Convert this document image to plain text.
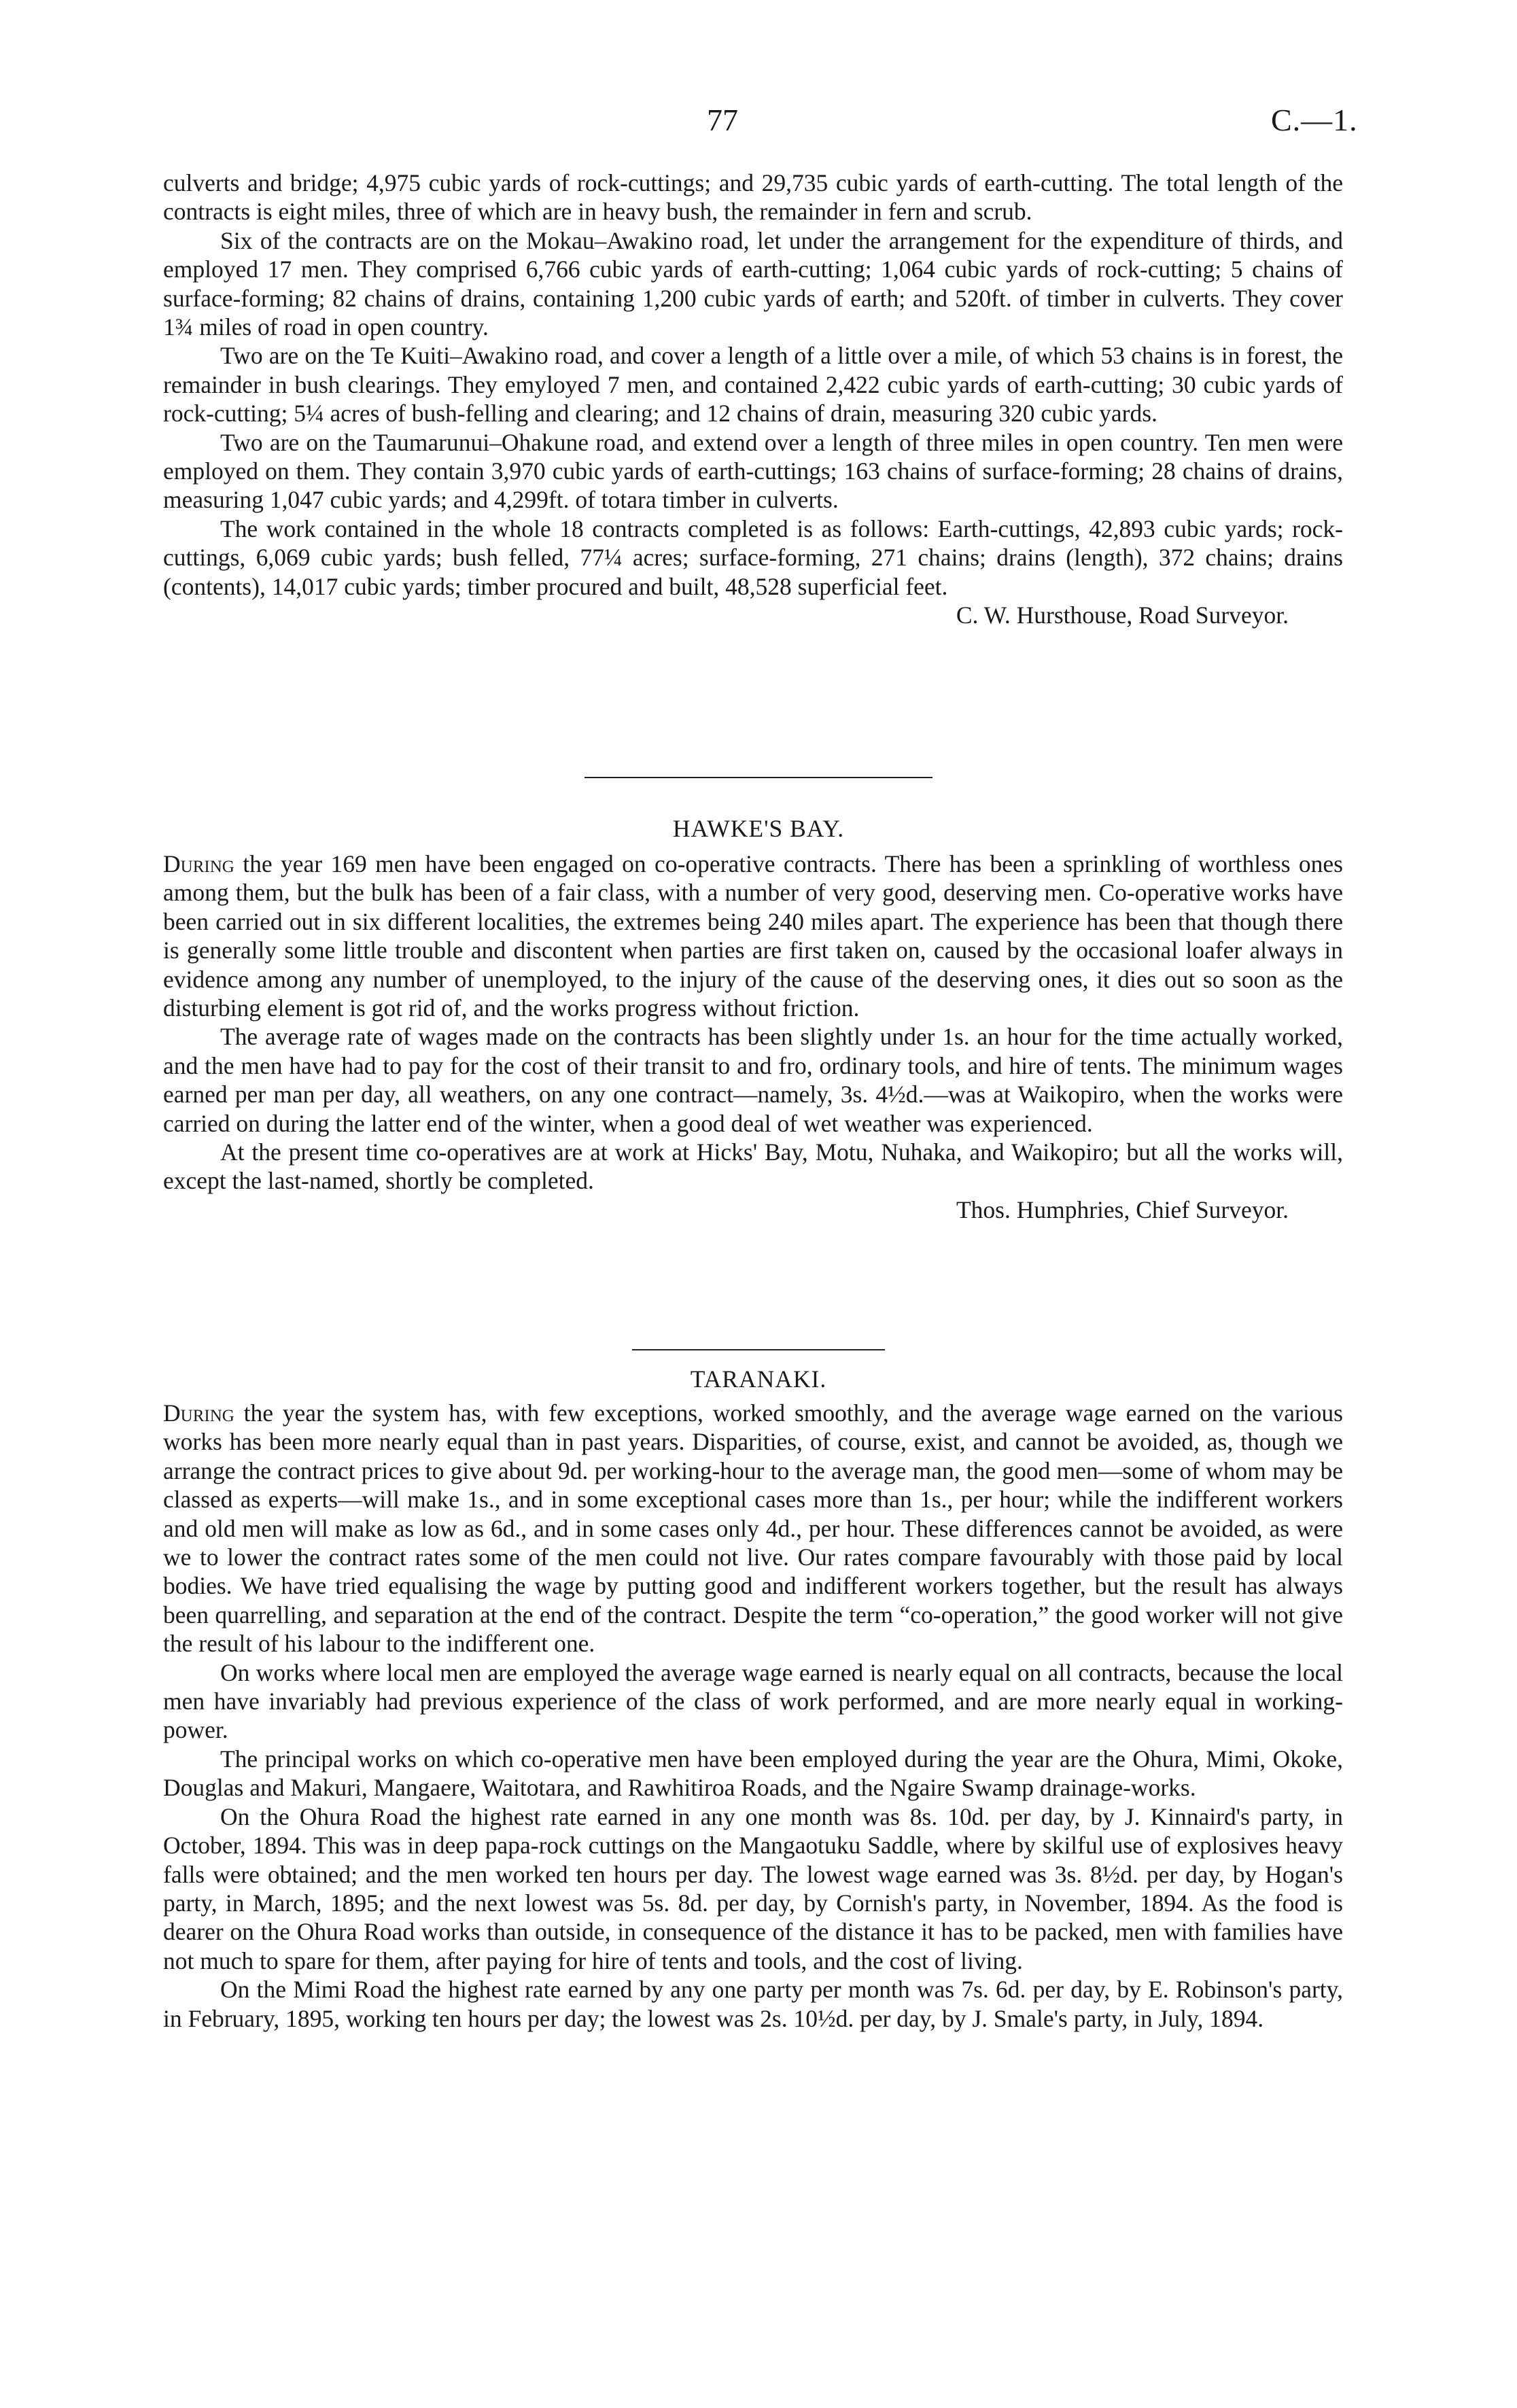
77	C.—1.

culverts and bridge; 4,975 cubic yards of rock-cuttings; and 29,735 cubic yards of earth-cutting. The total length of the contracts is eight miles, three of which are in heavy bush, the remainder in fern and scrub.

Six of the contracts are on the Mokau–Awakino road, let under the arrangement for the expenditure of thirds, and employed 17 men. They comprised 6,766 cubic yards of earth-cutting; 1,064 cubic yards of rock-cutting; 5 chains of surface-forming; 82 chains of drains, containing 1,200 cubic yards of earth; and 520ft. of timber in culverts. They cover 1¾ miles of road in open country.

Two are on the Te Kuiti–Awakino road, and cover a length of a little over a mile, of which 53 chains is in forest, the remainder in bush clearings. They emyloyed 7 men, and contained 2,422 cubic yards of earth-cutting; 30 cubic yards of rock-cutting; 5¼ acres of bush-felling and clearing; and 12 chains of drain, measuring 320 cubic yards.

Two are on the Taumarunui–Ohakune road, and extend over a length of three miles in open country. Ten men were employed on them. They contain 3,970 cubic yards of earth-cuttings; 163 chains of surface-forming; 28 chains of drains, measuring 1,047 cubic yards; and 4,299ft. of totara timber in culverts.

The work contained in the whole 18 contracts completed is as follows: Earth-cuttings, 42,893 cubic yards; rock-cuttings, 6,069 cubic yards; bush felled, 77¼ acres; surface-forming, 271 chains; drains (length), 372 chains; drains (contents), 14,017 cubic yards; timber procured and built, 48,528 superficial feet.

C. W. Hursthouse, Road Surveyor.
HAWKE'S BAY.

During the year 169 men have been engaged on co-operative contracts. There has been a sprinkling of worthless ones among them, but the bulk has been of a fair class, with a number of very good, deserving men. Co-operative works have been carried out in six different localities, the extremes being 240 miles apart. The experience has been that though there is generally some little trouble and discontent when parties are first taken on, caused by the occasional loafer always in evidence among any number of unemployed, to the injury of the cause of the deserving ones, it dies out so soon as the disturbing element is got rid of, and the works progress without friction.

The average rate of wages made on the contracts has been slightly under 1s. an hour for the time actually worked, and the men have had to pay for the cost of their transit to and fro, ordinary tools, and hire of tents. The minimum wages earned per man per day, all weathers, on any one contract—namely, 3s. 4½d.—was at Waikopiro, when the works were carried on during the latter end of the winter, when a good deal of wet weather was experienced.

At the present time co-operatives are at work at Hicks' Bay, Motu, Nuhaka, and Waikopiro; but all the works will, except the last-named, shortly be completed.

Thos. Humphries, Chief Surveyor.
TARANAKI.

During the year the system has, with few exceptions, worked smoothly, and the average wage earned on the various works has been more nearly equal than in past years. Disparities, of course, exist, and cannot be avoided, as, though we arrange the contract prices to give about 9d. per working-hour to the average man, the good men—some of whom may be classed as experts—will make 1s., and in some exceptional cases more than 1s., per hour; while the indifferent workers and old men will make as low as 6d., and in some cases only 4d., per hour. These differences cannot be avoided, as were we to lower the contract rates some of the men could not live. Our rates compare favourably with those paid by local bodies. We have tried equalising the wage by putting good and indifferent workers together, but the result has always been quarrelling, and separation at the end of the contract. Despite the term “co-operation,” the good worker will not give the result of his labour to the indifferent one.

On works where local men are employed the average wage earned is nearly equal on all contracts, because the local men have invariably had previous experience of the class of work performed, and are more nearly equal in working-power.

The principal works on which co-operative men have been employed during the year are the Ohura, Mimi, Okoke, Douglas and Makuri, Mangaere, Waitotara, and Rawhitiroa Roads, and the Ngaire Swamp drainage-works.

On the Ohura Road the highest rate earned in any one month was 8s. 10d. per day, by J. Kinnaird's party, in October, 1894. This was in deep papa-rock cuttings on the Mangaotuku Saddle, where by skilful use of explosives heavy falls were obtained; and the men worked ten hours per day. The lowest wage earned was 3s. 8½d. per day, by Hogan's party, in March, 1895; and the next lowest was 5s. 8d. per day, by Cornish's party, in November, 1894. As the food is dearer on the Ohura Road works than outside, in consequence of the distance it has to be packed, men with families have not much to spare for them, after paying for hire of tents and tools, and the cost of living.

On the Mimi Road the highest rate earned by any one party per month was 7s. 6d. per day, by E. Robinson's party, in February, 1895, working ten hours per day; the lowest was 2s. 10½d. per day, by J. Smale's party, in July, 1894.
